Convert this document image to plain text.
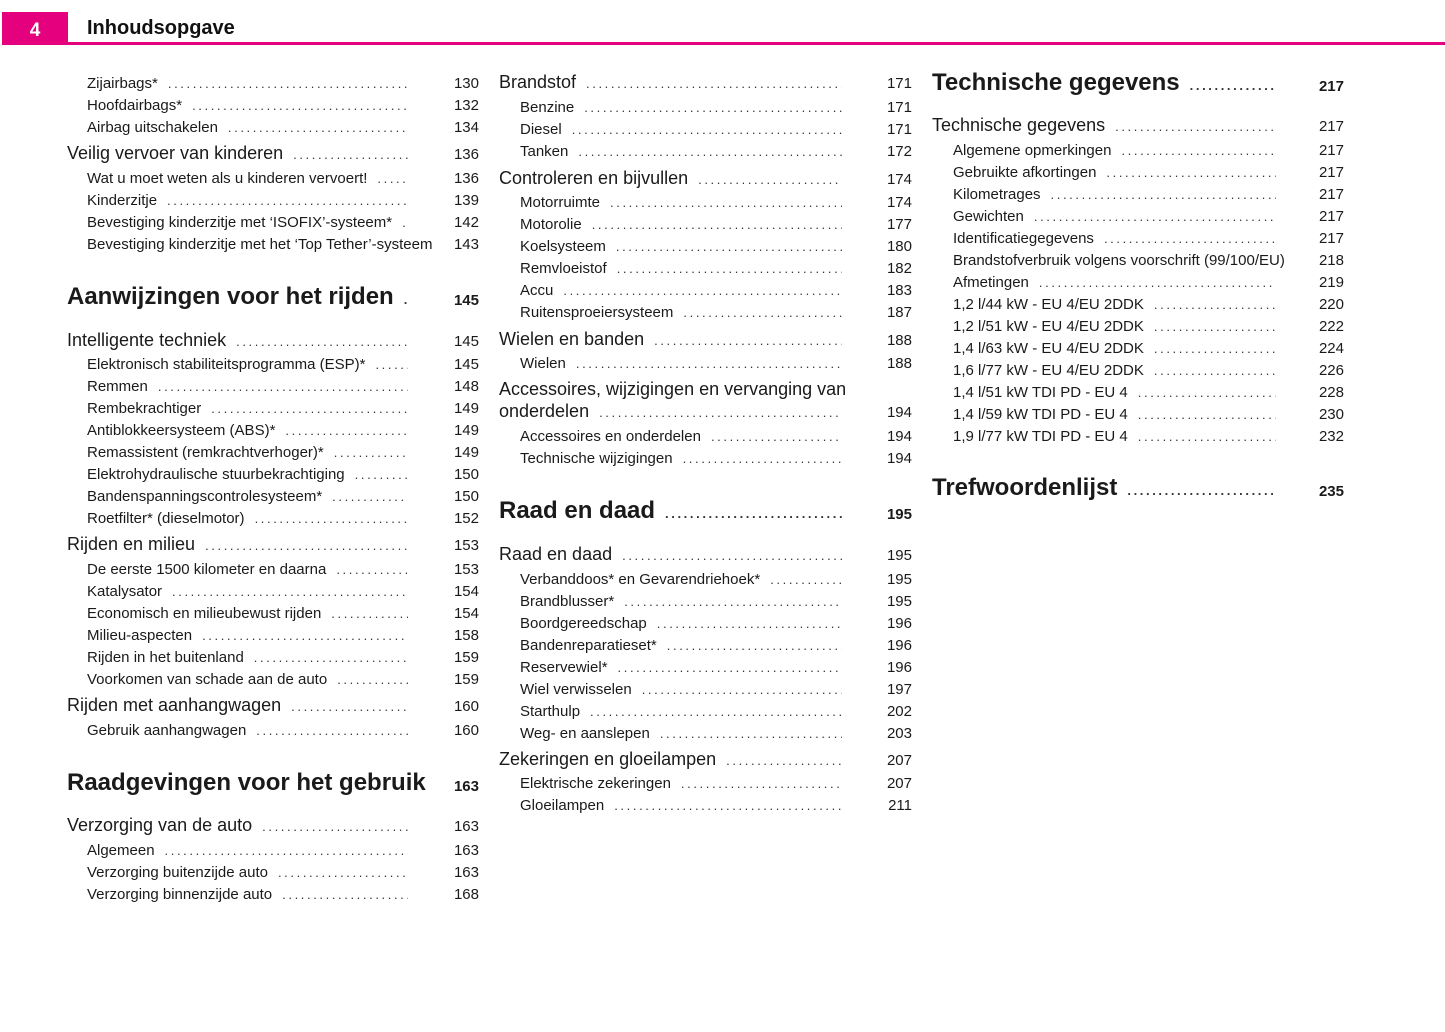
4 Inhoudsopgave
Zijairbags* .....	130
Hoofdairbags* .....	132
Airbag uitschakelen .....	134
Veilig vervoer van kinderen .....	136
Wat u moet weten als u kinderen vervoert! .....	136
Kinderzitje .....	139
Bevestiging kinderzitje met ‘ISOFIX’-systeem* .....	142
Bevestiging kinderzitje met het ‘Top Tether’-systeem	143
Aanwijzingen voor het rijden .....	145
Intelligente techniek .....	145
Elektronisch stabiliteitsprogramma (ESP)* .....	145
Remmen .....	148
Rembekrachtiger .....	149
Antiblokkeersysteem (ABS)* .....	149
Remassistent (remkrachtverhoger)* .....	149
Elektrohydraulische stuurbekrachtiging .....	150
Bandenspanningscontrolesysteem* .....	150
Roetfilter* (dieselmotor) .....	152
Rijden en milieu .....	153
De eerste 1500 kilometer en daarna .....	153
Katalysator .....	154
Economisch en milieubewust rijden .....	154
Milieu-aspecten .....	158
Rijden in het buitenland .....	159
Voorkomen van schade aan de auto .....	159
Rijden met aanhangwagen .....	160
Gebruik aanhangwagen .....	160
Raadgevingen voor het gebruik	163
Verzorging van de auto .....	163
Algemeen .....	163
Verzorging buitenzijde auto .....	163
Verzorging binnenzijde auto .....	168
Brandstof .....	171
Benzine .....	171
Diesel .....	171
Tanken .....	172
Controleren en bijvullen .....	174
Motorruimte .....	174
Motorolie .....	177
Koelsysteem .....	180
Remvloeistof .....	182
Accu .....	183
Ruitensproeiersysteem .....	187
Wielen en banden .....	188
Wielen .....	188
Accessoires, wijzigingen en vervanging van
onderdelen .....	194
Accessoires en onderdelen .....	194
Technische wijzigingen .....	194
Raad en daad .....	195
Raad en daad .....	195
Verbanddoos* en Gevarendriehoek* .....	195
Brandblusser* .....	195
Boordgereedschap .....	196
Bandenreparatieset* .....	196
Reservewiel* .....	196
Wiel verwisselen .....	197
Starthulp .....	202
Weg- en aanslepen .....	203
Zekeringen en gloeilampen .....	207
Elektrische zekeringen .....	207
Gloeilampen .....	211
Technische gegevens .....	217
Technische gegevens .....	217
Algemene opmerkingen .....	217
Gebruikte afkortingen .....	217
Kilometrages .....	217
Gewichten .....	217
Identificatiegegevens .....	217
Brandstofverbruik volgens voorschrift (99/100/EU)	218
Afmetingen .....	219
1,2 l/44 kW - EU 4/EU 2DDK .....	220
1,2 l/51 kW - EU 4/EU 2DDK .....	222
1,4 l/63 kW - EU 4/EU 2DDK .....	224
1,6 l/77 kW - EU 4/EU 2DDK .....	226
1,4 l/51 kW TDI PD - EU 4 .....	228
1,4 l/59 kW TDI PD - EU 4 .....	230
1,9 l/77 kW TDI PD - EU 4 .....	232
Trefwoordenlijst .....	235
